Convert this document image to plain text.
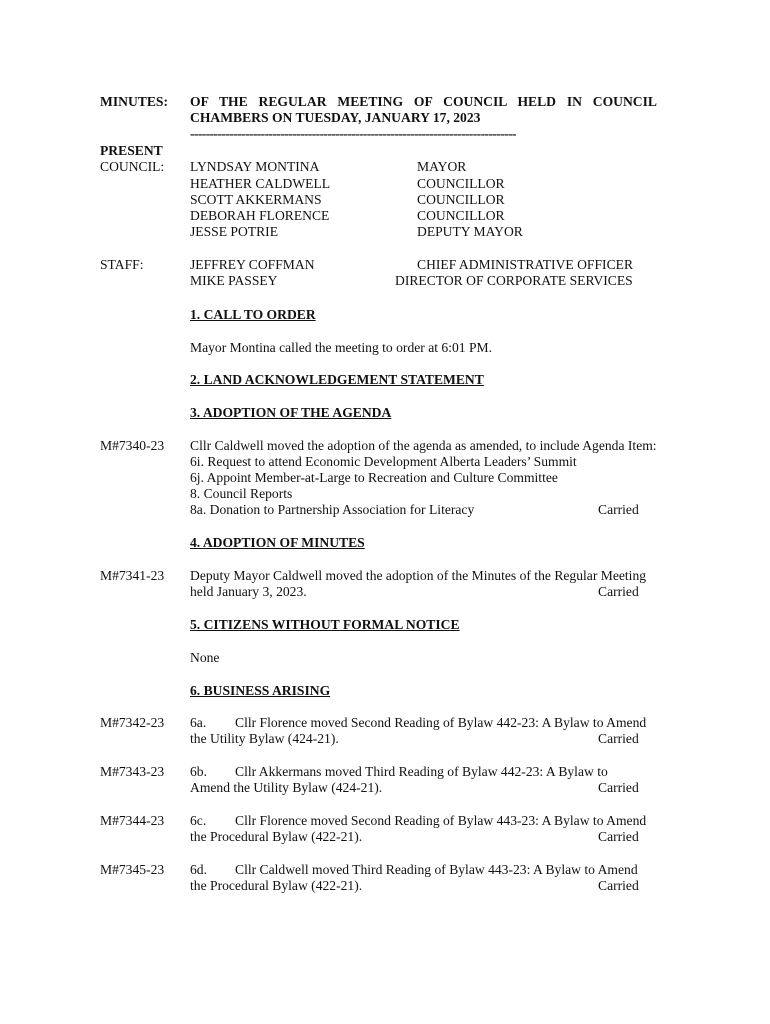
MINUTES: OF THE REGULAR MEETING OF COUNCIL HELD IN COUNCIL
CHAMBERS ON TUESDAY, JANUARY 17, 2023
-----------------------------------------------------------------------------------
PRESENT
COUNCIL: LYNDSAY MONTINA	MAYOR
HEATHER CALDWELL	COUNCILLOR
SCOTT AKKERMANS	COUNCILLOR
DEBORAH FLORENCE	COUNCILLOR
JESSE POTRIE	DEPUTY MAYOR
STAFF:	JEFFREY COFFMAN	CHIEF ADMINISTRATIVE OFFICER
MIKE PASSEY	DIRECTOR OF CORPORATE SERVICES
1. CALL TO ORDER
Mayor Montina called the meeting to order at 6:01 PM.
2. LAND ACKNOWLEDGEMENT STATEMENT
3. ADOPTION OF THE AGENDA
M#7340-23 Cllr Caldwell moved the adoption of the agenda as amended, to include Agenda Item:
6i. Request to attend Economic Development Alberta Leaders’ Summit
6j. Appoint Member-at-Large to Recreation and Culture Committee
8. Council Reports
8a. Donation to Partnership Association for Literacy	Carried
4. ADOPTION OF MINUTES
M#7341-23 Deputy Mayor Caldwell moved the adoption of the Minutes of the Regular Meeting
held January 3, 2023.	Carried
5. CITIZENS WITHOUT FORMAL NOTICE
None
6. BUSINESS ARISING
M#7342-23 6a. Cllr Florence moved Second Reading of Bylaw 442-23: A Bylaw to Amend
the Utility Bylaw (424-21).	Carried
M#7343-23 6b. Cllr Akkermans moved Third Reading of Bylaw 442-23: A Bylaw to
Amend the Utility Bylaw (424-21).	Carried
M#7344-23 6c. Cllr Florence moved Second Reading of Bylaw 443-23: A Bylaw to Amend
the Procedural Bylaw (422-21).	Carried
M#7345-23 6d. Cllr Caldwell moved Third Reading of Bylaw 443-23: A Bylaw to Amend
the Procedural Bylaw (422-21).	Carried
